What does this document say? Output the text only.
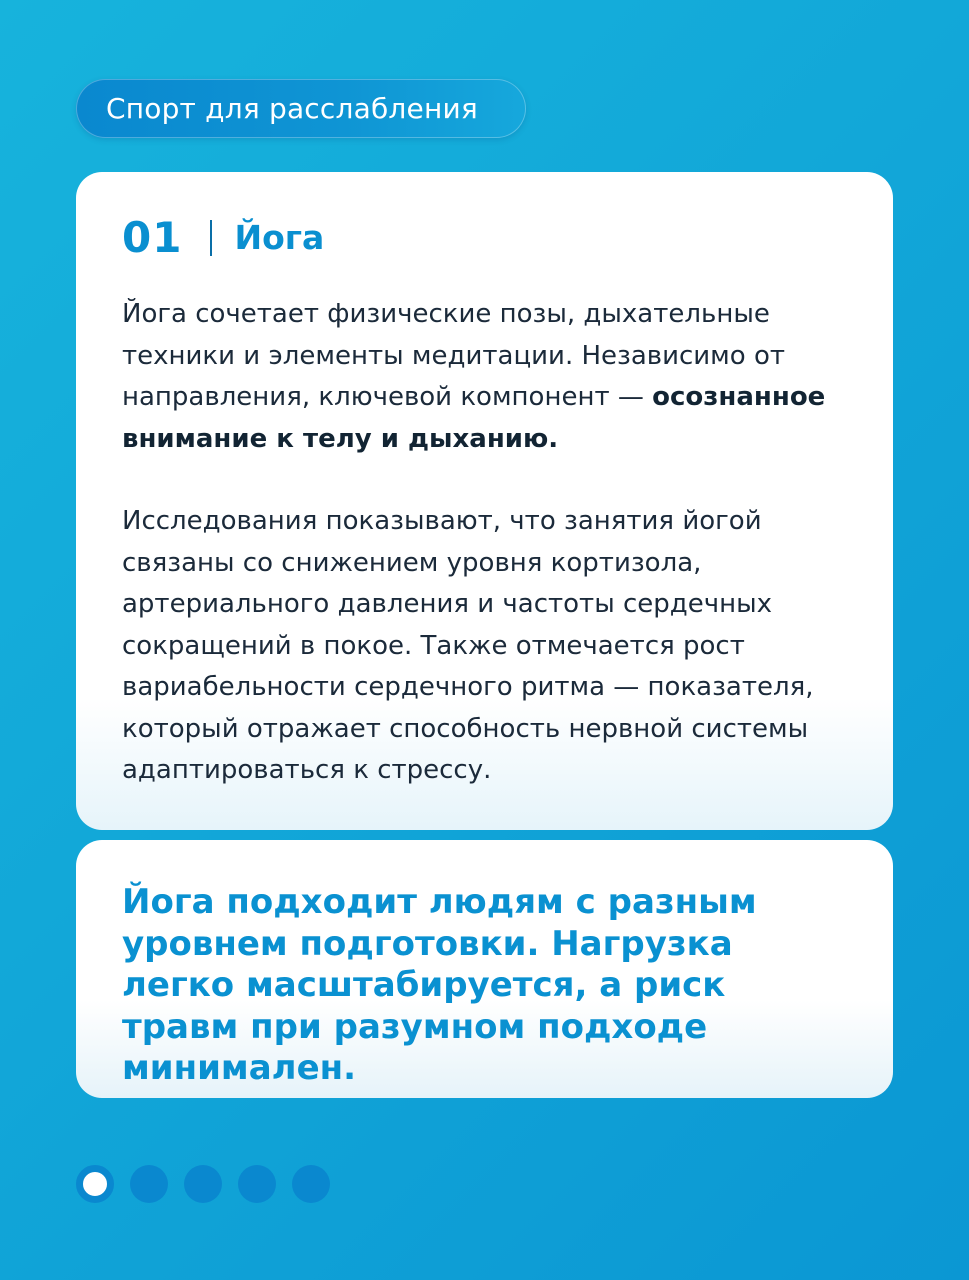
Спорт для расслабления
01 Йога

Йога сочетает физические позы, дыхательные техники и элементы медитации. Независимо от направления, ключевой компонент — осознанное внимание к телу и дыханию.

Исследования показывают, что занятия йогой связаны со снижением уровня кортизола, артериального давления и частоты сердечных сокращений в покое. Также отмечается рост вариабельности сердечного ритма — показателя, который отражает способность нервной системы адаптироваться к стрессу.

Йога подходит людям с разным уровнем подготовки. Нагрузка легко масштабируется, а риск травм при разумном подходе минимален.
